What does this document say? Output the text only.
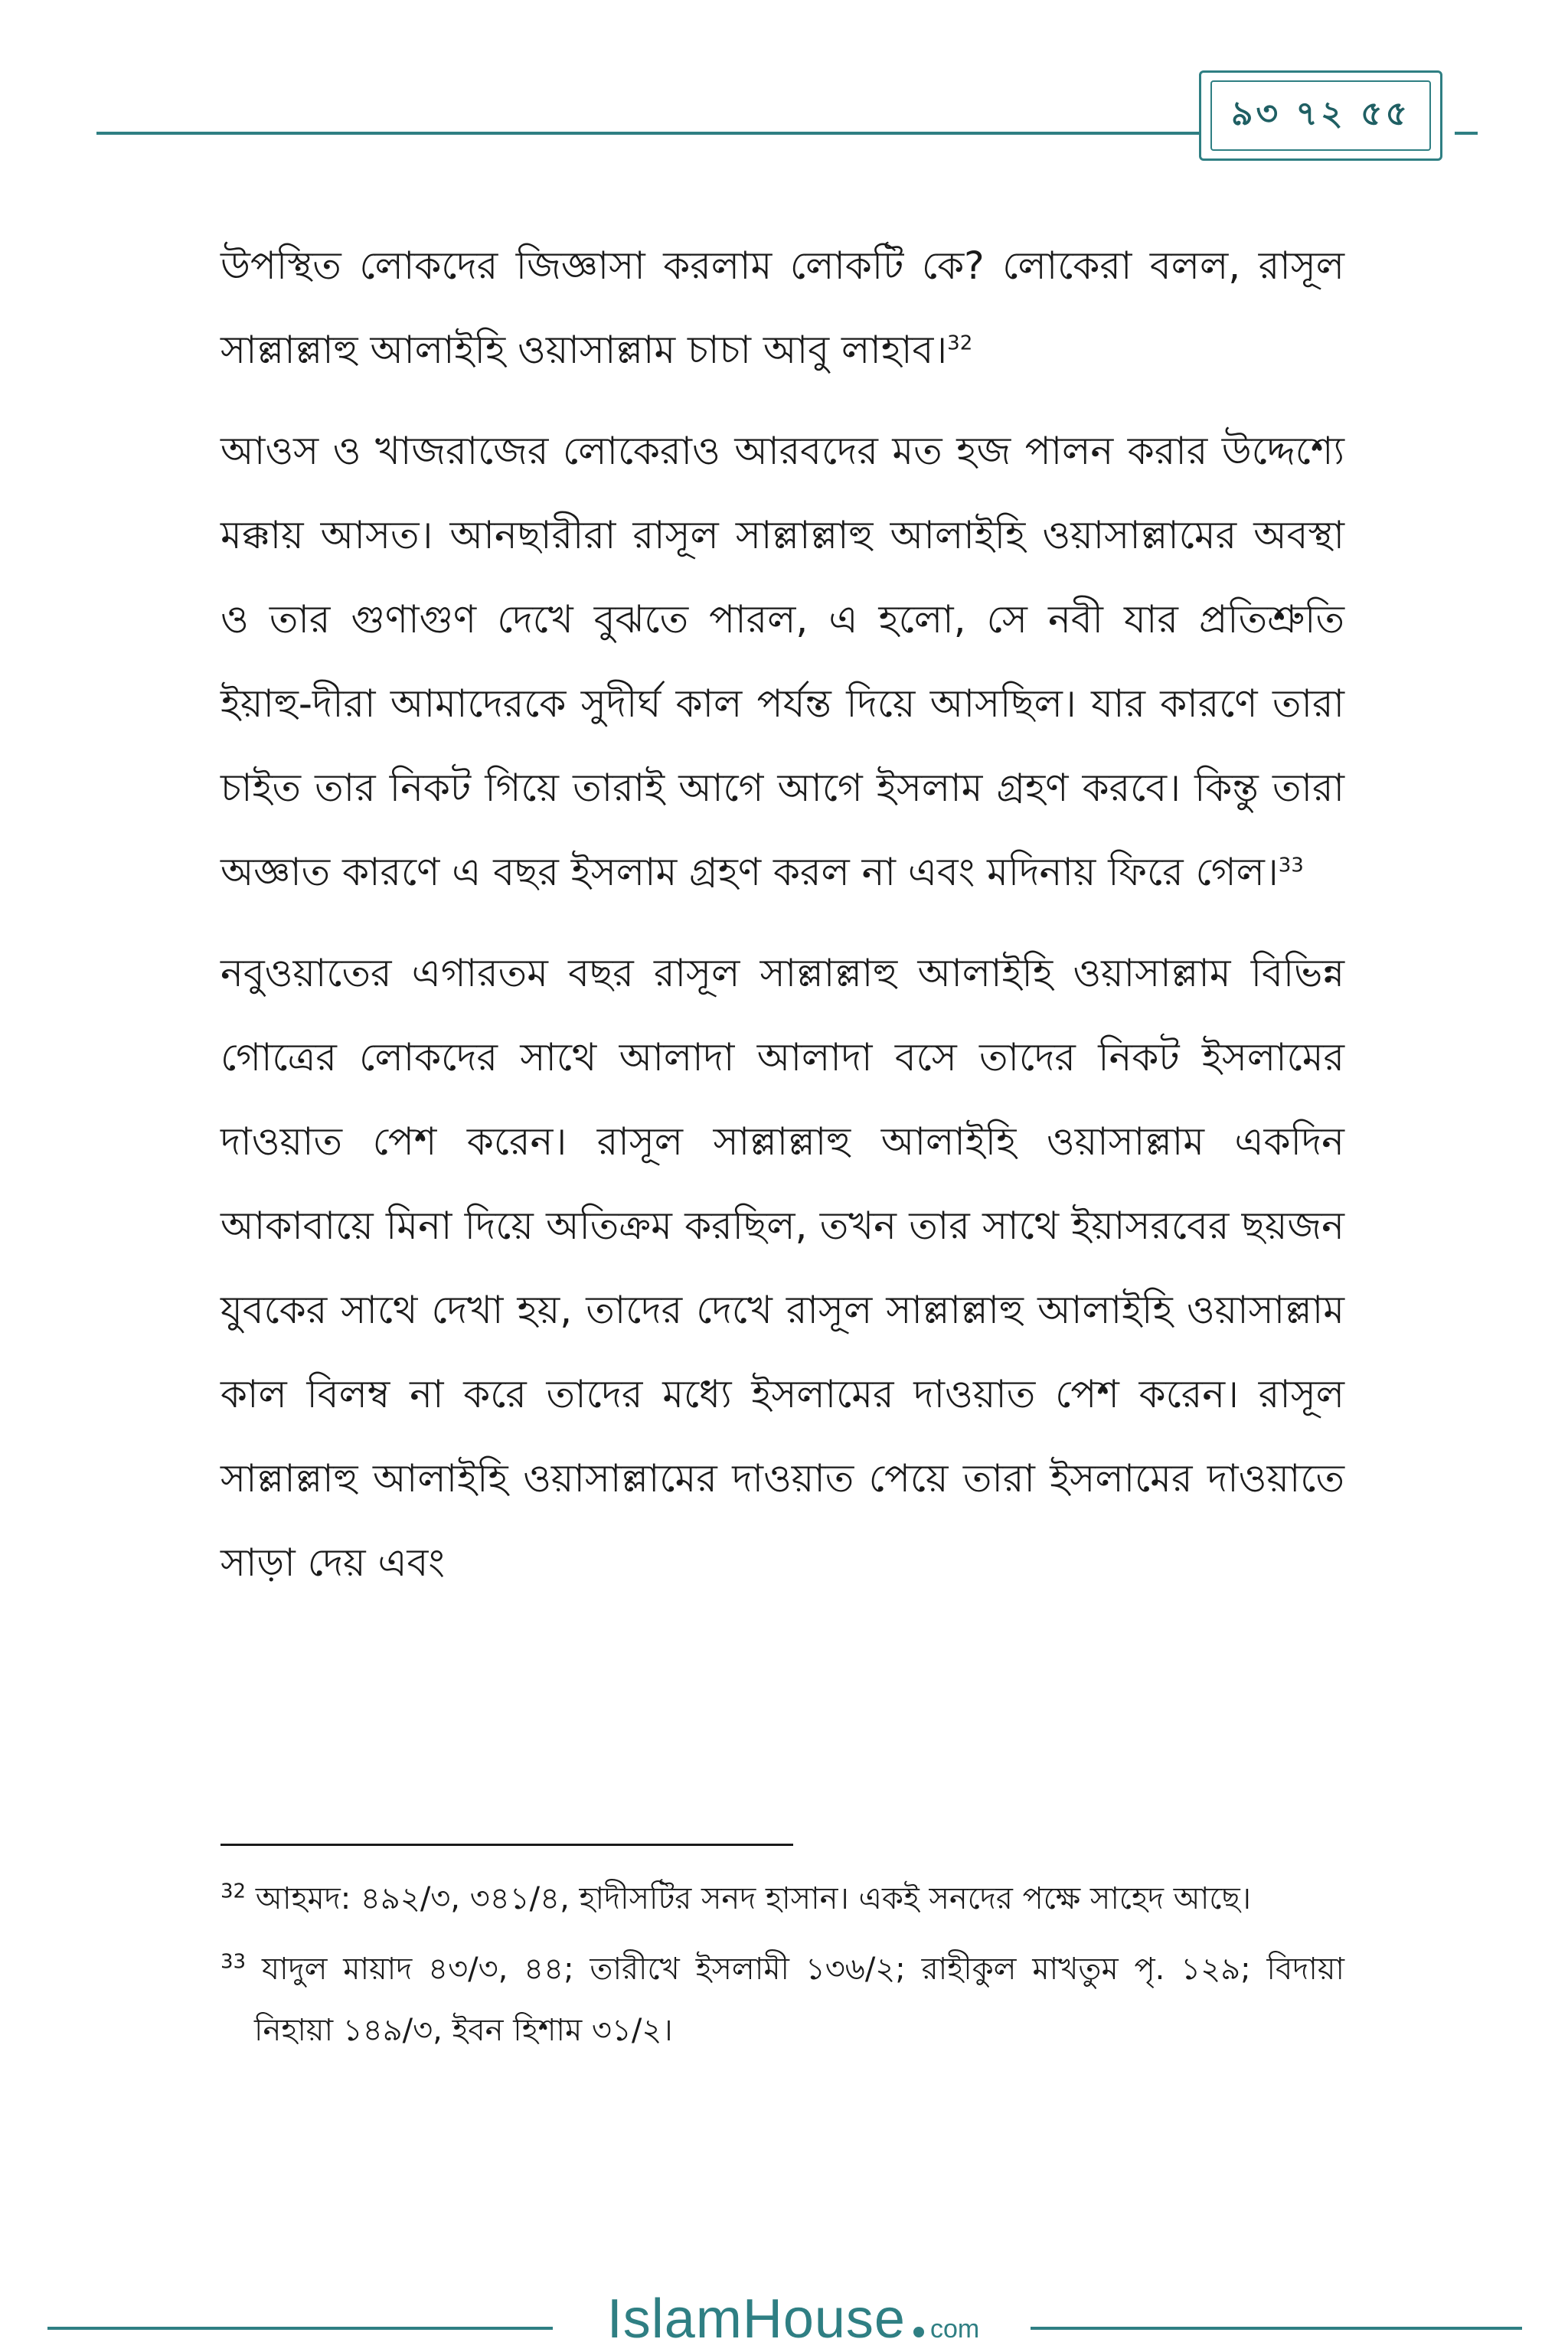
৯৩ ৭২ ৫৫

উপস্থিত লোকদের জিজ্ঞাসা করলাম লোকটি কে? লোকেরা বলল, রাসূল সাল্লাল্লাহু আলাইহি ওয়াসাল্লাম চাচা আবু লাহাব।$^{32}$

আওস ও খাজরাজের লোকেরাও আরবদের মত হজ পালন করার উদ্দেশ্যে মক্কায় আসত। আনছারীরা রাসূল সাল্লাল্লাহু আলাইহি ওয়াসাল্লামের অবস্থা ও তার গুণাগুণ দেখে বুঝতে পারল, এ হলো, সে নবী যার প্রতিশ্রুতি ইয়াহু-দীরা আমাদেরকে সুদীর্ঘ কাল পর্যন্ত দিয়ে আসছিল। যার কারণে তারা চাইত তার নিকট গিয়ে তারাই আগে আগে ইসলাম গ্রহণ করবে। কিন্তু তারা অজ্ঞাত কারণে এ বছর ইসলাম গ্রহণ করল না এবং মদিনায় ফিরে গেল।$^{33}$

নবুওয়াতের এগারতম বছর রাসূল সাল্লাল্লাহু আলাইহি ওয়াসাল্লাম বিভিন্ন গোত্রের লোকদের সাথে আলাদা আলাদা বসে তাদের নিকট ইসলামের দাওয়াত পেশ করেন। রাসূল সাল্লাল্লাহু আলাইহি ওয়াসাল্লাম একদিন আকাবায়ে মিনা দিয়ে অতিক্রম করছিল, তখন তার সাথে ইয়াসরবের ছয়জন যুবকের সাথে দেখা হয়, তাদের দেখে রাসূল সাল্লাল্লাহু আলাইহি ওয়াসাল্লাম কাল বিলম্ব না করে তাদের মধ্যে ইসলামের দাওয়াত পেশ করেন। রাসূল সাল্লাল্লাহু আলাইহি ওয়াসাল্লামের দাওয়াত পেয়ে তারা ইসলামের দাওয়াতে সাড়া দেয় এবং

$^{32}$ আহমদ: ৪৯২/৩, ৩৪১/৪, হাদীসটির সনদ হাসান। একই সনদের পক্ষে সাহেদ আছে।

$^{33}$ যাদুল মায়াদ ৪৩/৩, ৪৪; তারীখে ইসলামী ১৩৬/২; রাহীকুল মাখতুম পৃ. ১২৯; বিদায়া নিহায়া ১৪৯/৩, ইবন হিশাম ৩১/২।

IslamHouse com
